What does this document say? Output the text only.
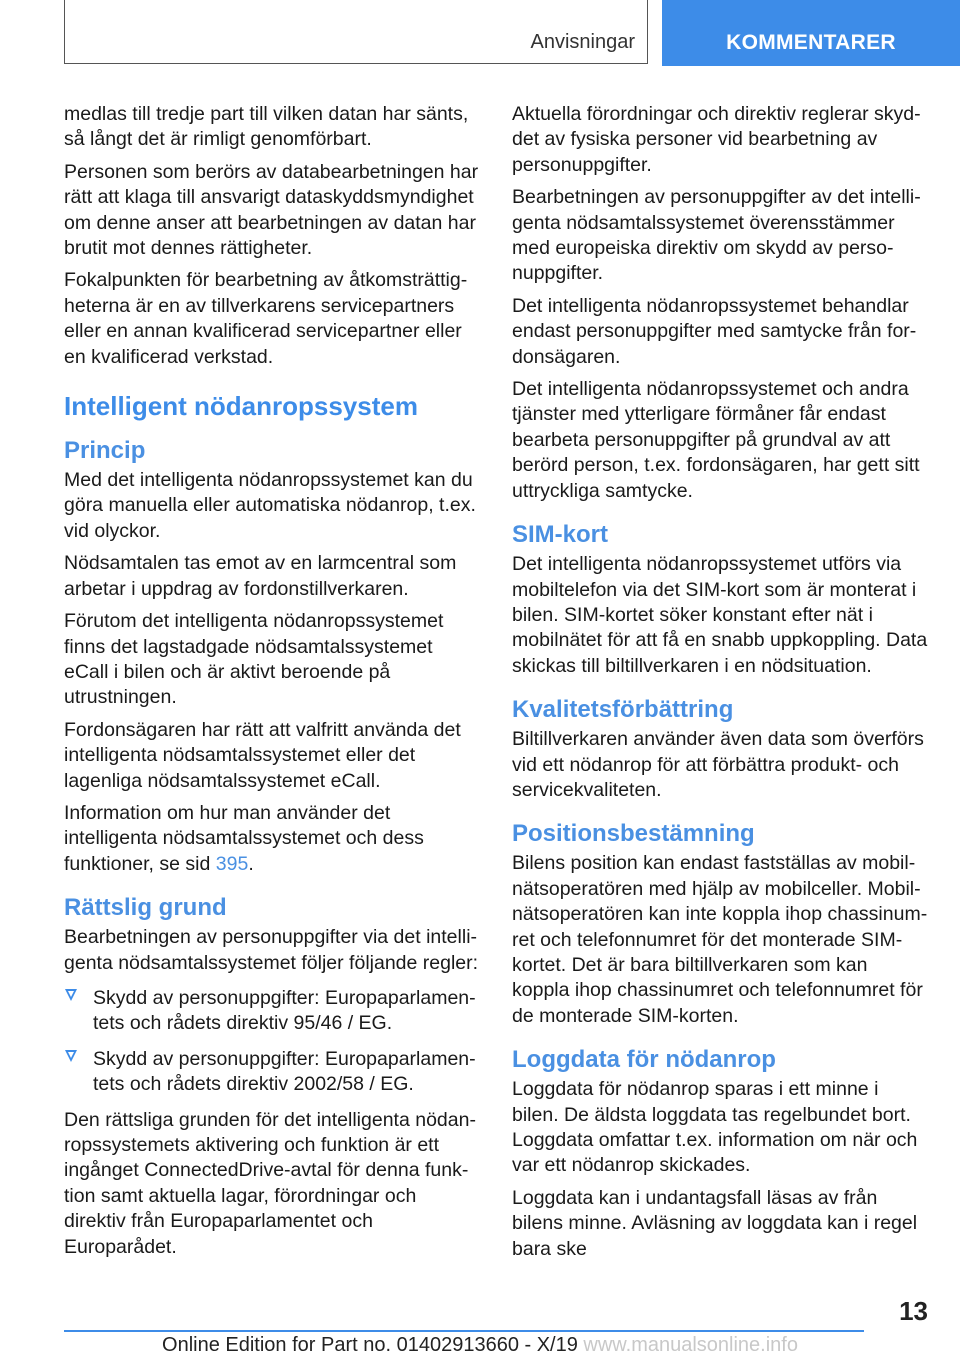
Anvisningar	KOMMENTARER

medlas till tredje part till vilken datan har sänts, så långt det är rimligt genomförbart.

Personen som berörs av databearbetningen har rätt att klaga till ansvarigt dataskyddsmyndighet om denne anser att bearbetningen av datan har brutit mot dennes rättigheter.

Fokalpunkten för bearbetning av åtkomsträttigheterna är en av tillverkarens servicepartners eller en annan kvalificerad servicepartner eller en kvalificerad verkstad.

Intelligent nödanropssystem
Princip

Med det intelligenta nödanropssystemet kan du göra manuella eller automatiska nödanrop, t.ex. vid olyckor.

Nödsamtalen tas emot av en larmcentral som arbetar i uppdrag av fordonstillverkaren.

Förutom det intelligenta nödanropssystemet finns det lagstadgade nödsamtalssystemet eCall i bilen och är aktivt beroende på utrustningen.

Fordonsägaren har rätt att valfritt använda det intelligenta nödsamtalssystemet eller det lagenliga nödsamtalssystemet eCall.

Information om hur man använder det intelligenta nödsamtalssystemet och dess funktioner, se sid 395.

Rättslig grund

Bearbetningen av personuppgifter via det intelligenta nödsamtalssystemet följer följande regler:

Skydd av personuppgifter: Europaparlamentets och rådets direktiv 95/46 / EG.
Skydd av personuppgifter: Europaparlamentets och rådets direktiv 2002/58 / EG.

Den rättsliga grunden för det intelligenta nödanropssystemets aktivering och funktion är ett ingånget ConnectedDrive-avtal för denna funktion samt aktuella lagar, förordningar och direktiv från Europaparlamentet och Europarådet.

Aktuella förordningar och direktiv reglerar skyddet av fysiska personer vid bearbetning av personuppgifter.

Bearbetningen av personuppgifter av det intelligenta nödsamtalssystemet överensstämmer med europeiska direktiv om skydd av personuppgifter.

Det intelligenta nödanropssystemet behandlar endast personuppgifter med samtycke från fordonsägaren.

Det intelligenta nödanropssystemet och andra tjänster med ytterligare förmåner får endast bearbeta personuppgifter på grundval av att berörd person, t.ex. fordonsägaren, har gett sitt uttryckliga samtycke.

SIM-kort

Det intelligenta nödanropssystemet utförs via mobiltelefon via det SIM-kort som är monterat i bilen. SIM-kortet söker konstant efter nät i mobilnätet för att få en snabb uppkoppling. Data skickas till biltillverkaren i en nödsituation.

Kvalitetsförbättring

Biltillverkaren använder även data som överförs vid ett nödanrop för att förbättra produkt- och servicekvaliteten.

Positionsbestämning

Bilens position kan endast fastställas av mobilnätsoperatören med hjälp av mobilceller. Mobilnätsoperatören kan inte koppla ihop chassinumret och telefonnumret för det monterade SIM-kortet. Det är bara biltillverkaren som kan koppla ihop chassinumret och telefonnumret för de monterade SIM-korten.

Loggdata för nödanrop

Loggdata för nödanrop sparas i ett minne i bilen. De äldsta loggdata tas regelbundet bort. Loggdata omfattar t.ex. information om när och var ett nödanrop skickades.

Loggdata kan i undantagsfall läsas av från bilens minne. Avläsning av loggdata kan i regel bara ske

13
Online Edition for Part no. 01402913660 - X/19 www.manualsonline.info
